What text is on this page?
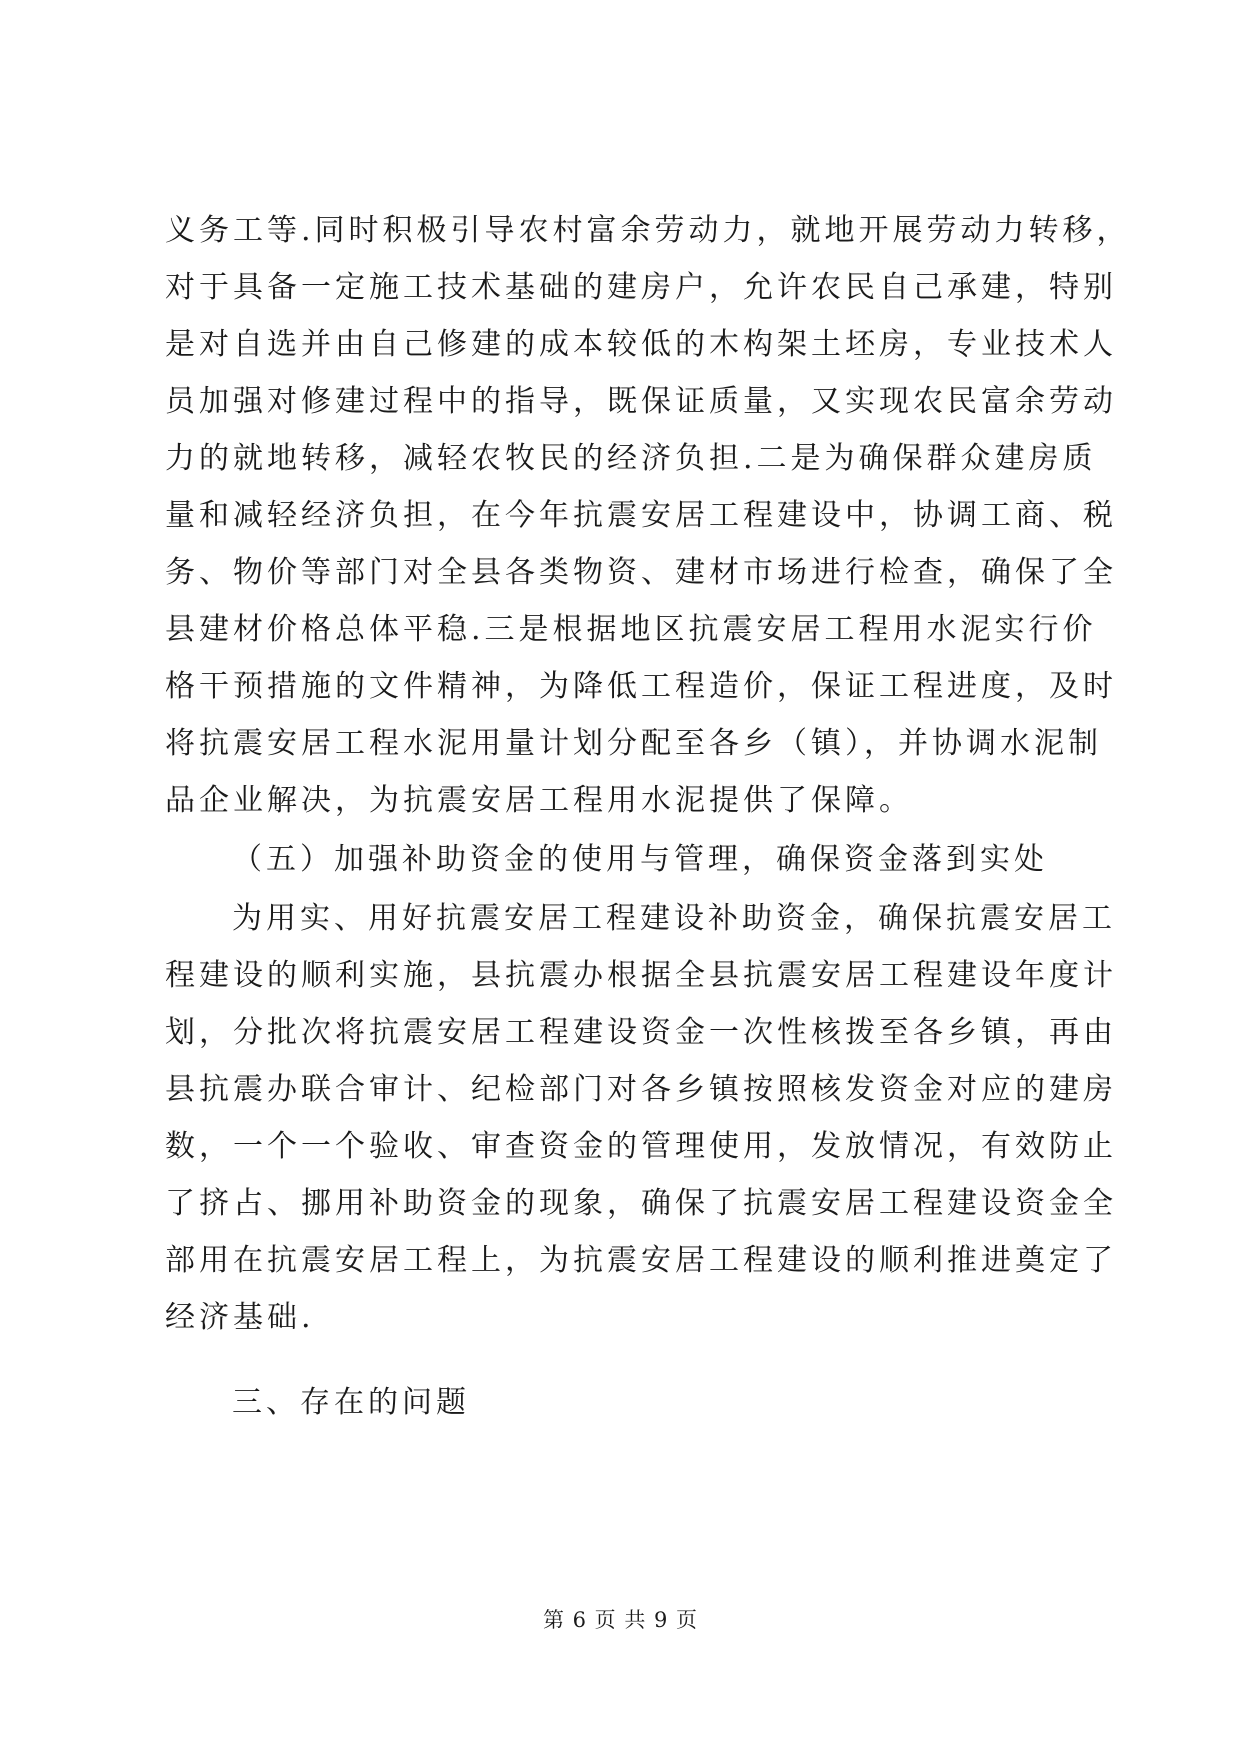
义务工等.同时积极引导农村富余劳动力，就地开展劳动力转移，
对于具备一定施工技术基础的建房户，允许农民自己承建，特别
是对自选并由自己修建的成本较低的木构架土坯房，专业技术人
员加强对修建过程中的指导，既保证质量，又实现农民富余劳动
力的就地转移，减轻农牧民的经济负担.二是为确保群众建房质
量和减轻经济负担，在今年抗震安居工程建设中，协调工商、税
务、物价等部门对全县各类物资、建材市场进行检查，确保了全
县建材价格总体平稳.三是根据地区抗震安居工程用水泥实行价
格干预措施的文件精神，为降低工程造价，保证工程进度，及时
将抗震安居工程水泥用量计划分配至各乡（镇），并协调水泥制
品企业解决，为抗震安居工程用水泥提供了保障。
（五）加强补助资金的使用与管理，确保资金落到实处
为用实、用好抗震安居工程建设补助资金，确保抗震安居工
程建设的顺利实施，县抗震办根据全县抗震安居工程建设年度计
划，分批次将抗震安居工程建设资金一次性核拨至各乡镇，再由
县抗震办联合审计、纪检部门对各乡镇按照核发资金对应的建房
数，一个一个验收、审查资金的管理使用，发放情况，有效防止
了挤占、挪用补助资金的现象，确保了抗震安居工程建设资金全
部用在抗震安居工程上，为抗震安居工程建设的顺利推进奠定了
经济基础.
三、存在的问题
第 6 页 共 9 页
